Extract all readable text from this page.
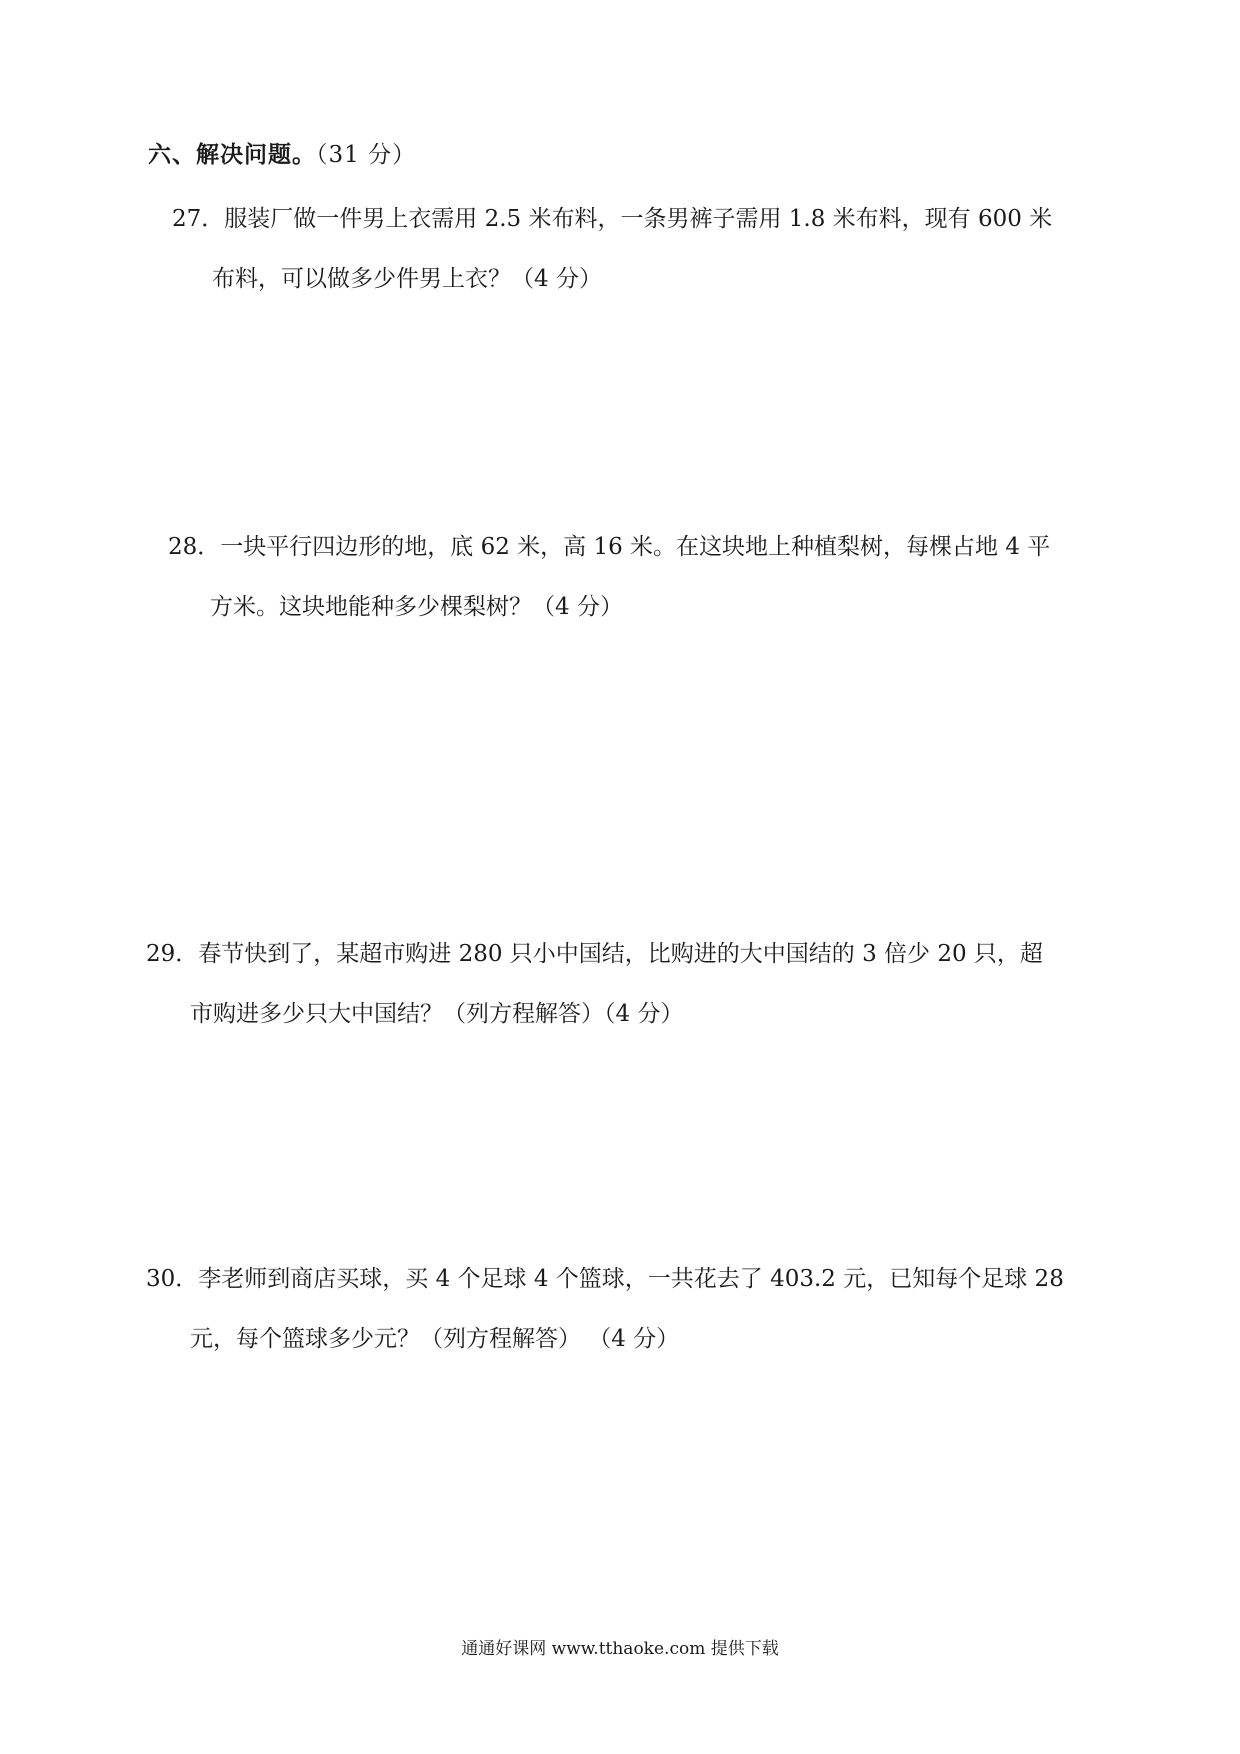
六、解决问题。（31 分）
27．服装厂做一件男上衣需用 2.5 米布料，一条男裤子需用 1.8 米布料，现有 600 米
布料，可以做多少件男上衣？（4 分）
28．一块平行四边形的地，底 62 米，高 16 米。在这块地上种植梨树，每棵占地 4 平
方米。这块地能种多少棵梨树？（4 分）
29．春节快到了，某超市购进 280 只小中国结，比购进的大中国结的 3 倍少 20 只，超
市购进多少只大中国结？（列方程解答）（4 分）
30．李老师到商店买球，买 4 个足球 4 个篮球，一共花去了 403.2 元，已知每个足球 28
元，每个篮球多少元？（列方程解答） （4 分）
通通好课网 www.tthaoke.com 提供下载
